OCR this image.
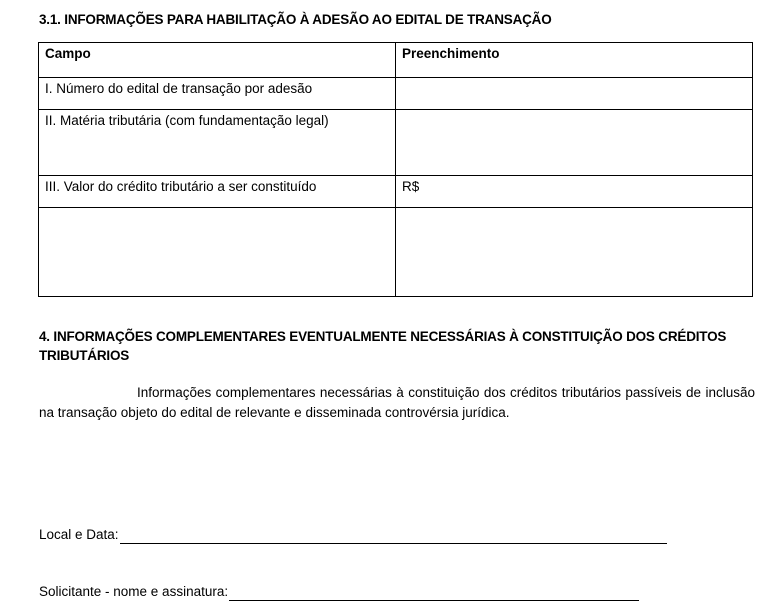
3.1. INFORMAÇÕES PARA HABILITAÇÃO À ADESÃO AO EDITAL DE TRANSAÇÃO
Campo	Preenchimento
I. Número do edital de transação por adesão	
II. Matéria tributária (com fundamentação legal)	
III. Valor do crédito tributário a ser constituído	R$

4. INFORMAÇÕES COMPLEMENTARES EVENTUALMENTE NECESSÁRIAS À CONSTITUIÇÃO DOS CRÉDITOS TRIBUTÁRIOS
Informações complementares necessárias à constituição dos créditos tributários passíveis de inclusão na transação objeto do edital de relevante e disseminada controvérsia jurídica.
Local e Data:
Solicitante - nome e assinatura:
